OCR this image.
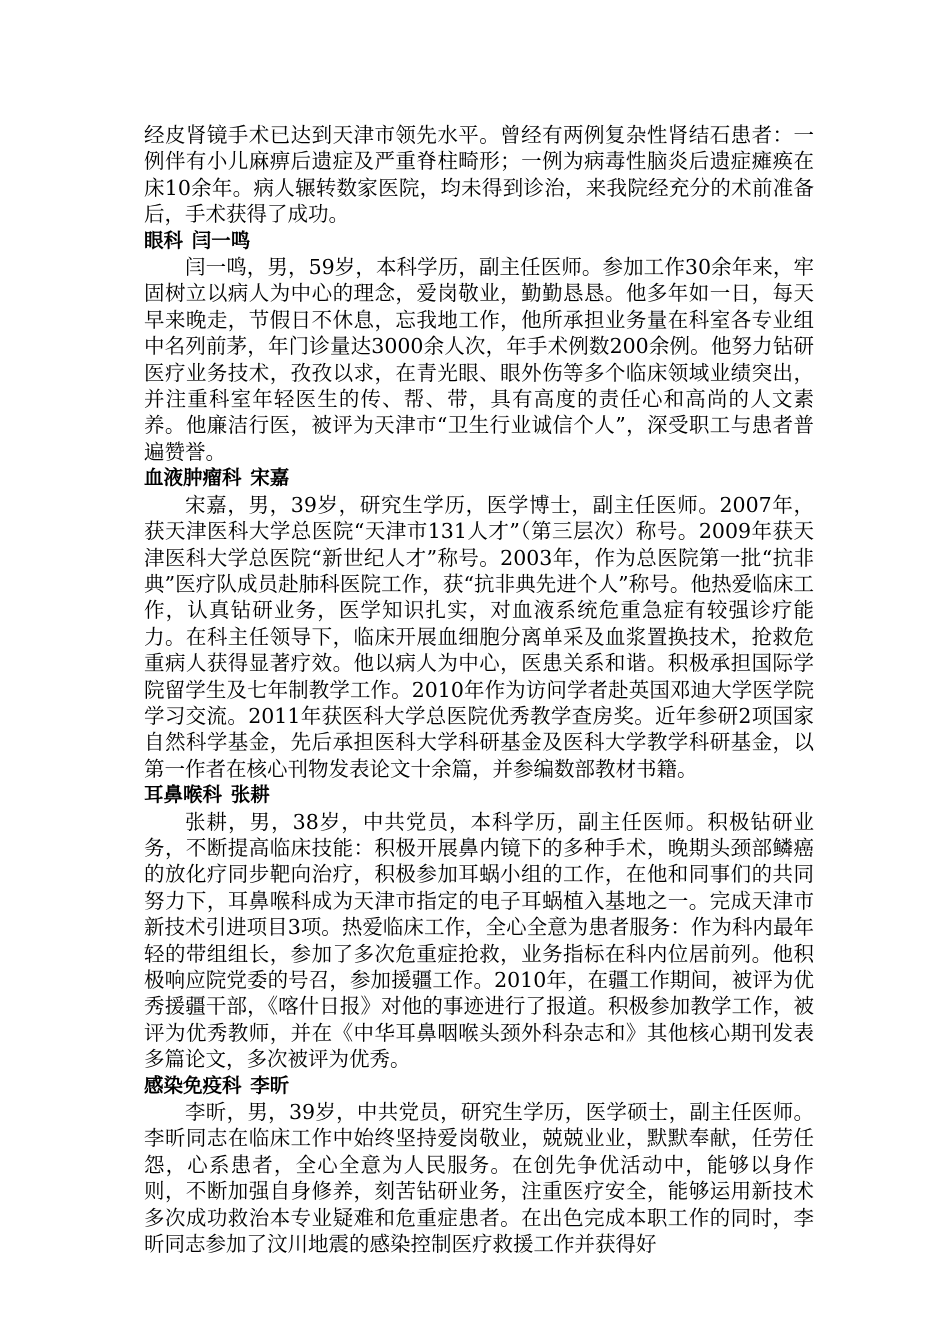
经皮肾镜手术已达到天津市领先水平。曾经有两例复杂性肾结石患者：一例伴有小儿麻痹后遗症及严重脊柱畸形；一例为病毒性脑炎后遗症瘫痪在床10余年。病人辗转数家医院，均未得到诊治，来我院经充分的术前准备后，手术获得了成功。

眼科 闫一鸣

闫一鸣，男，59岁，本科学历，副主任医师。参加工作30余年来，牢固树立以病人为中心的理念，爱岗敬业，勤勤恳恳。他多年如一日，每天早来晚走，节假日不休息，忘我地工作，他所承担业务量在科室各专业组中名列前茅，年门诊量达3000余人次，年手术例数200余例。他努力钻研医疗业务技术，孜孜以求，在青光眼、眼外伤等多个临床领域业绩突出，并注重科室年轻医生的传、帮、带，具有高度的责任心和高尚的人文素养。他廉洁行医，被评为天津市“卫生行业诚信个人”，深受职工与患者普遍赞誉。

血液肿瘤科 宋嘉

宋嘉，男，39岁，研究生学历，医学博士，副主任医师。2007年，获天津医科大学总医院“天津市131人才”（第三层次）称号。2009年获天津医科大学总医院“新世纪人才”称号。2003年，作为总医院第一批“抗非典”医疗队成员赴肺科医院工作，获“抗非典先进个人”称号。他热爱临床工作，认真钻研业务，医学知识扎实，对血液系统危重急症有较强诊疗能力。在科主任领导下，临床开展血细胞分离单采及血浆置换技术，抢救危重病人获得显著疗效。他以病人为中心，医患关系和谐。积极承担国际学院留学生及七年制教学工作。2010年作为访问学者赴英国邓迪大学医学院学习交流。2011年获医科大学总医院优秀教学查房奖。近年参研2项国家自然科学基金，先后承担医科大学科研基金及医科大学教学科研基金，以第一作者在核心刊物发表论文十余篇，并参编数部教材书籍。

耳鼻喉科 张耕

张耕，男，38岁，中共党员，本科学历，副主任医师。积极钻研业务，不断提高临床技能：积极开展鼻内镜下的多种手术，晚期头颈部鳞癌的放化疗同步靶向治疗，积极参加耳蜗小组的工作，在他和同事们的共同努力下，耳鼻喉科成为天津市指定的电子耳蜗植入基地之一。完成天津市新技术引进项目3项。热爱临床工作，全心全意为患者服务：作为科内最年轻的带组组长，参加了多次危重症抢救，业务指标在科内位居前列。他积极响应院党委的号召，参加援疆工作。2010年，在疆工作期间，被评为优秀援疆干部，《喀什日报》对他的事迹进行了报道。积极参加教学工作，被评为优秀教师，并在《中华耳鼻咽喉头颈外科杂志和》其他核心期刊发表多篇论文，多次被评为优秀。

感染免疫科 李昕

李昕，男，39岁，中共党员，研究生学历，医学硕士，副主任医师。李昕同志在临床工作中始终坚持爱岗敬业，兢兢业业，默默奉献，任劳任怨，心系患者，全心全意为人民服务。在创先争优活动中，能够以身作则，不断加强自身修养，刻苦钻研业务，注重医疗安全，能够运用新技术多次成功救治本专业疑难和危重症患者。在出色完成本职工作的同时，李昕同志参加了汶川地震的感染控制医疗救援工作并获得好
